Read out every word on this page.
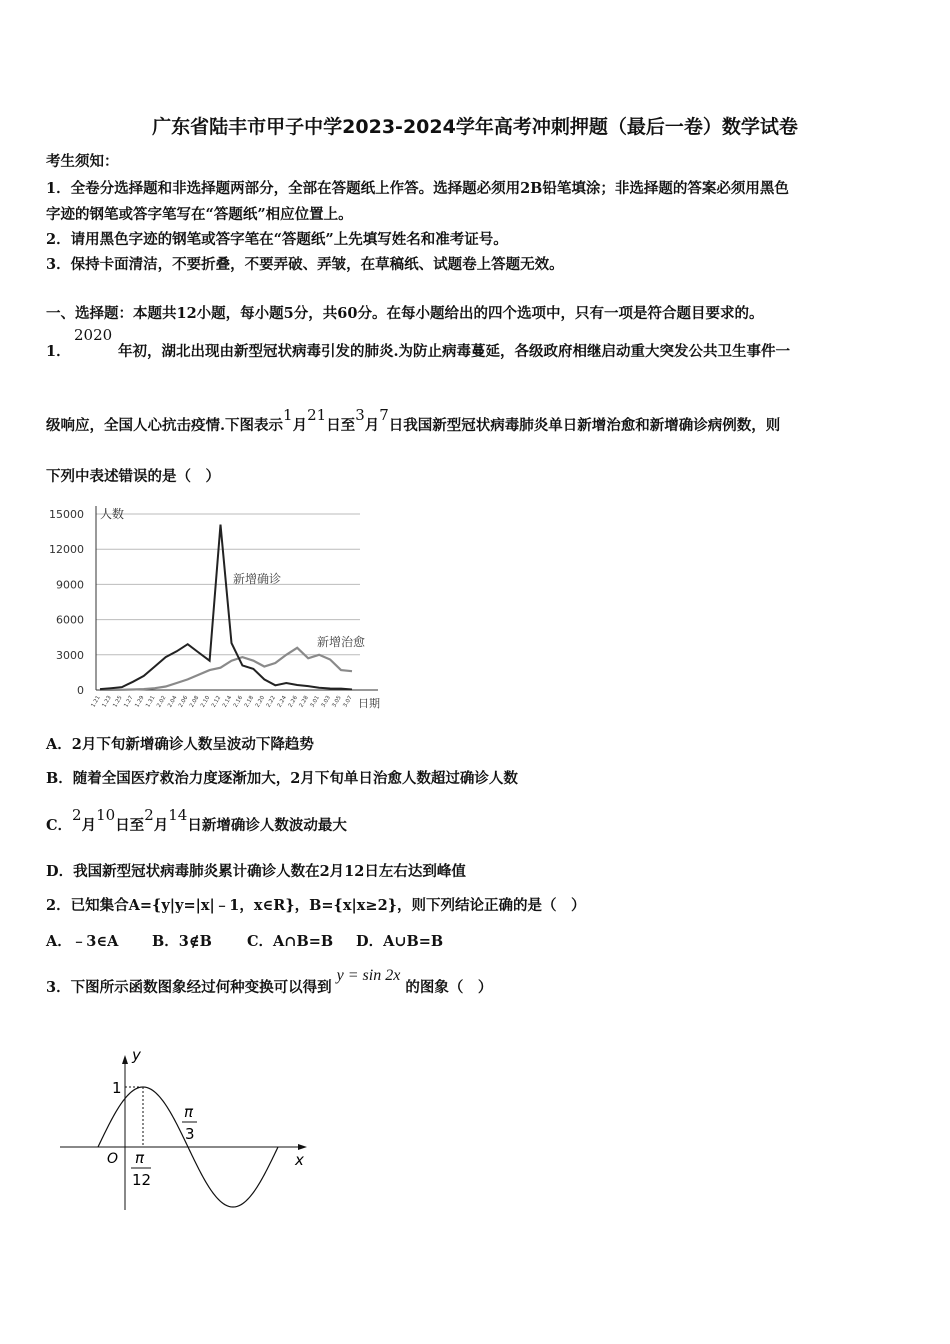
广东省陆丰市甲子中学2023-2024学年高考冲刺押题（最后一卷）数学试卷
考生须知：
1．全卷分选择题和非选择题两部分，全部在答题纸上作答。选择题必须用2B铅笔填涂；非选择题的答案必须用黑色
字迹的钢笔或答字笔写在“答题纸”相应位置上。
2．请用黑色字迹的钢笔或答字笔在“答题纸”上先填写姓名和准考证号。
3．保持卡面清洁，不要折叠，不要弄破、弄皱，在草稿纸、试题卷上答题无效。
一、选择题：本题共12小题，每小题5分，共60分。在每小题给出的四个选项中，只有一项是符合题目要求的。
1．
2020
年初，湖北出现由新型冠状病毒引发的肺炎.为防止病毒蔓延，各级政府相继启动重大突发公共卫生事件一
级响应，全国人心抗击疫情.下图表示1月21日至3月7日我国新型冠状病毒肺炎单日新增治愈和新增确诊病例数，则
下列中表述错误的是（　）
15000
12000
9000
6000
3000
0
人数
日期
1.21 1.23 1.25 1.27 1.29 1.31 2.02 2.04 2.06 2.08 2.10 2.12 2.14 2.16 2.18 2.20 2.22 2.24 2.26 2.28 3.01 3.03 3.05 3.07
新增确诊
新增治愈
A．2月下旬新增确诊人数呈波动下降趋势
B．随着全国医疗救治力度逐渐加大，2月下旬单日治愈人数超过确诊人数
C．2月10日至2月14日新增确诊人数波动最大
D．我国新型冠状病毒肺炎累计确诊人数在2月12日左右达到峰值
2．已知集合A={y|y=|x|﹣1，x∈R}，B={x|x≥2}，则下列结论正确的是（　）
A．﹣3∈A B．3∉B C．A∩B=B D．A∪B=B
3．下图所示函数图象经过何种变换可以得到 y = sin 2x 的图象（　）
y
x
O
1
π
3
π
12
